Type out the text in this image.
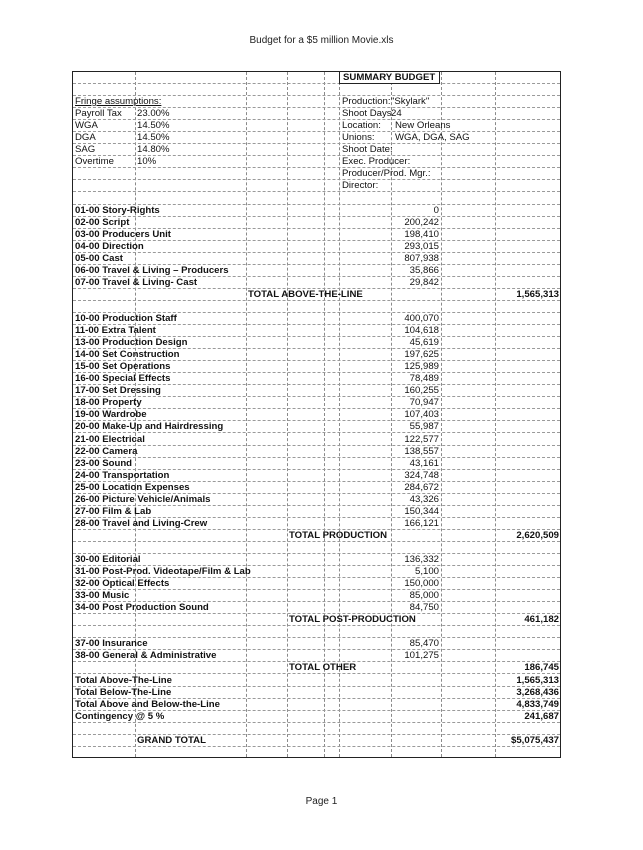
Budget for a $5 million Movie.xls
SUMMARY BUDGET
Fringe assumptions:	Production: "Skylark"
Payroll Tax	23.00%	Shoot Days 24
WGA	14.50%	Location: New Orleans
DGA	14.50%	Unions: WGA, DGA, SAG
SAG	14.80%	Shoot Date:
Overtime	10%	Exec. Producer:
Producer/Prod. Mgr.:
Director:
01-00 Story-Rights	0
02-00 Script	200,242
03-00 Producers Unit	198,410
04-00 Direction	293,015
05-00 Cast	807,938
06-00 Travel & Living – Producers	35,866
07-00 Travel & Living- Cast	29,842
TOTAL ABOVE-THE-LINE	1,565,313
10-00 Production Staff	400,070
11-00 Extra Talent	104,618
13-00 Production Design	45,619
14-00 Set Construction	197,625
15-00 Set Operations	125,989
16-00 Special Effects	78,489
17-00 Set Dressing	160,255
18-00 Property	70,947
19-00 Wardrobe	107,403
20-00 Make-Up and Hairdressing	55,987
21-00 Electrical	122,577
22-00 Camera	138,557
23-00 Sound	43,161
24-00 Transportation	324,748
25-00 Location Expenses	284,672
26-00 Picture Vehicle/Animals	43,326
27-00 Film & Lab	150,344
28-00 Travel and Living-Crew	166,121
TOTAL PRODUCTION	2,620,509
30-00 Editorial	136,332
31-00 Post-Prod. Videotape/Film & Lab	5,100
32-00 Optical Effects	150,000
33-00 Music	85,000
34-00 Post Production Sound	84,750
TOTAL POST-PRODUCTION	461,182
37-00 Insurance	85,470
38-00 General & Administrative	101,275
TOTAL OTHER	186,745
Total Above-The-Line	1,565,313
Total Below-The-Line	3,268,436
Total Above and Below-the-Line	4,833,749
Contingency @ 5 %	241,687
GRAND TOTAL	$5,075,437
Page 1
